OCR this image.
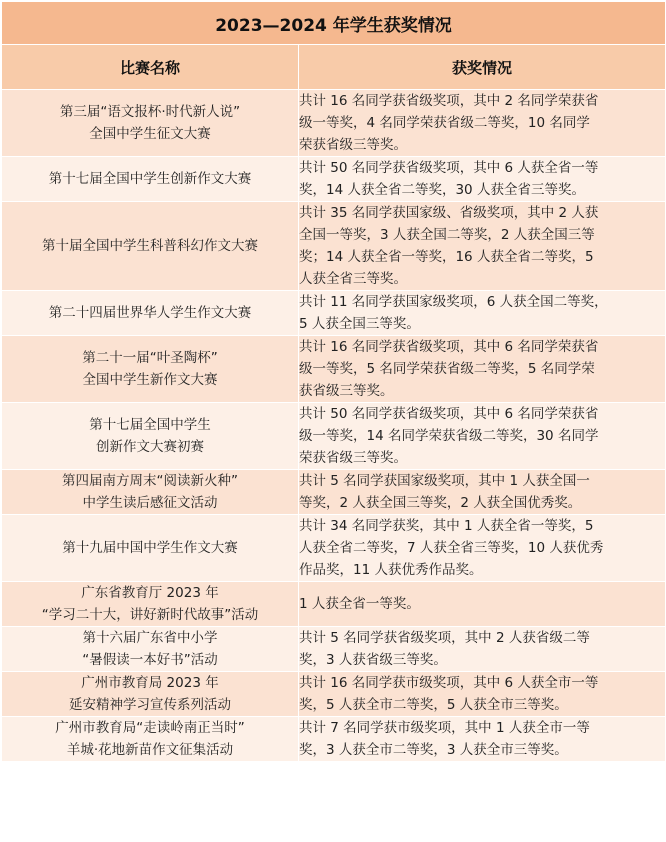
2023—2024 年学生获奖情况	
比赛名称	获奖情况

第三届“语文报杯·时代新人说”
全国中学生征文大赛	共计 16 名同学获省级奖项，其中 2 名同学荣获省
级一等奖，4 名同学荣获省级二等奖，10 名同学
荣获省级三等奖。

第十七届全国中学生创新作文大赛	共计 50 名同学获省级奖项，其中 6 人获全省一等
奖，14 人获全省二等奖，30 人获全省三等奖。

第十届全国中学生科普科幻作文大赛	共计 35 名同学获国家级、省级奖项，其中 2 人获
全国一等奖，3 人获全国二等奖，2 人获全国三等
奖；14 人获全省一等奖，16 人获全省二等奖，5
人获全省三等奖。

第二十四届世界华人学生作文大赛	共计 11 名同学获国家级奖项，6 人获全国二等奖，
5 人获全国三等奖。

第二十一届“叶圣陶杯”
全国中学生新作文大赛	共计 16 名同学获省级奖项，其中 6 名同学荣获省
级一等奖，5 名同学荣获省级二等奖，5 名同学荣
获省级三等奖。

第十七届全国中学生
创新作文大赛初赛	共计 50 名同学获省级奖项，其中 6 名同学荣获省
级一等奖，14 名同学荣获省级二等奖，30 名同学
荣获省级三等奖。

第四届南方周末“阅读新火种”
中学生读后感征文活动	共计 5 名同学获国家级奖项，其中 1 人获全国一
等奖，2 人获全国三等奖，2 人获全国优秀奖。

第十九届中国中学生作文大赛	共计 34 名同学获奖，其中 1 人获全省一等奖，5
人获全省二等奖，7 人获全省三等奖，10 人获优秀
作品奖，11 人获优秀作品奖。

广东省教育厅 2023 年
“学习二十大，讲好新时代故事”活动	1 人获全省一等奖。

第十六届广东省中小学
“暑假读一本好书”活动	共计 5 名同学获省级奖项，其中 2 人获省级二等
奖，3 人获省级三等奖。

广州市教育局 2023 年
延安精神学习宣传系列活动	共计 16 名同学获市级奖项，其中 6 人获全市一等
奖，5 人获全市二等奖，5 人获全市三等奖。

广州市教育局“走读岭南正当时”
羊城·花地新苗作文征集活动	共计 7 名同学获市级奖项，其中 1 人获全市一等
奖，3 人获全市二等奖，3 人获全市三等奖。
